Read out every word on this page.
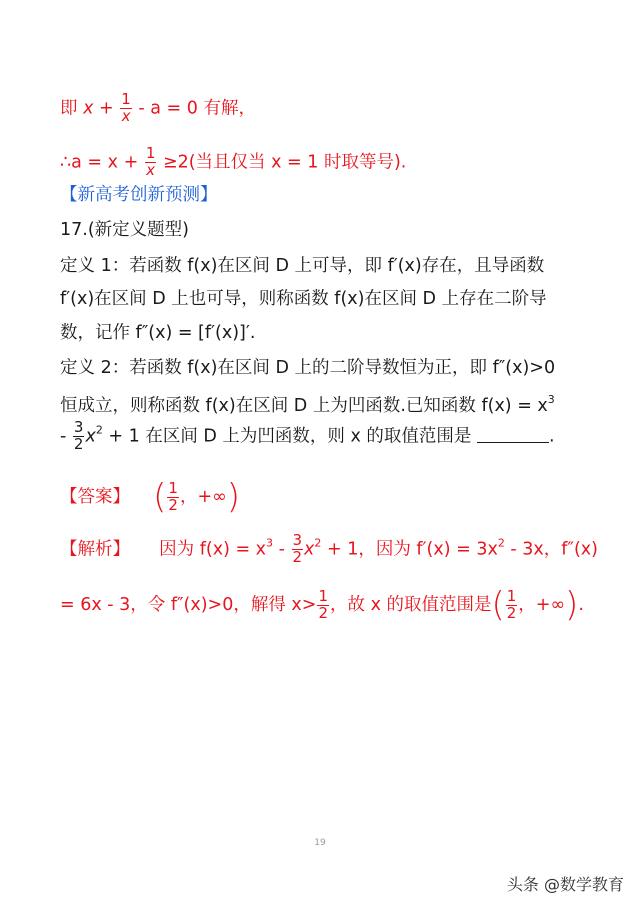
即 $x + \frac{1}{x} - a = 0$ 有解，
∴a = $x + \frac{1}{x} \ge 2$(当且仅当 x = 1 时取等号).
【新高考创新预测】
17.(新定义题型)
定义 1：若函数 f(x)在区间 D 上可导，即 f′(x)存在，且导函数
f′(x)在区间 D 上也可导，则称函数 f(x)在区间 D 上存在二阶导
数，记作 f″(x) = [f′(x)]′.
定义 2：若函数 f(x)在区间 D 上的二阶导数恒为正，即 f″(x)>0
恒成立，则称函数 f(x)在区间 D 上为凹函数.已知函数 $f(x) = x^3$
- $\frac{3}{2} x^2 + 1$ 在区间 D 上为凹函数，则 x 的取值范围是	.
【答案】 ( $\frac{1}{2}$ ，+∞)
【解析】 因为 $f(x) = x^3 - \frac{3}{2} x^2 + 1$，因为 $f'(x) = 3x^2 - 3x$，f″(x)
= 6x - 3，令 f″(x)>0，解得 $x> \frac{1}{2}$ ，故 x 的取值范围是( $\frac{1}{2}$ ，+∞).
19
头条 @数学教育
